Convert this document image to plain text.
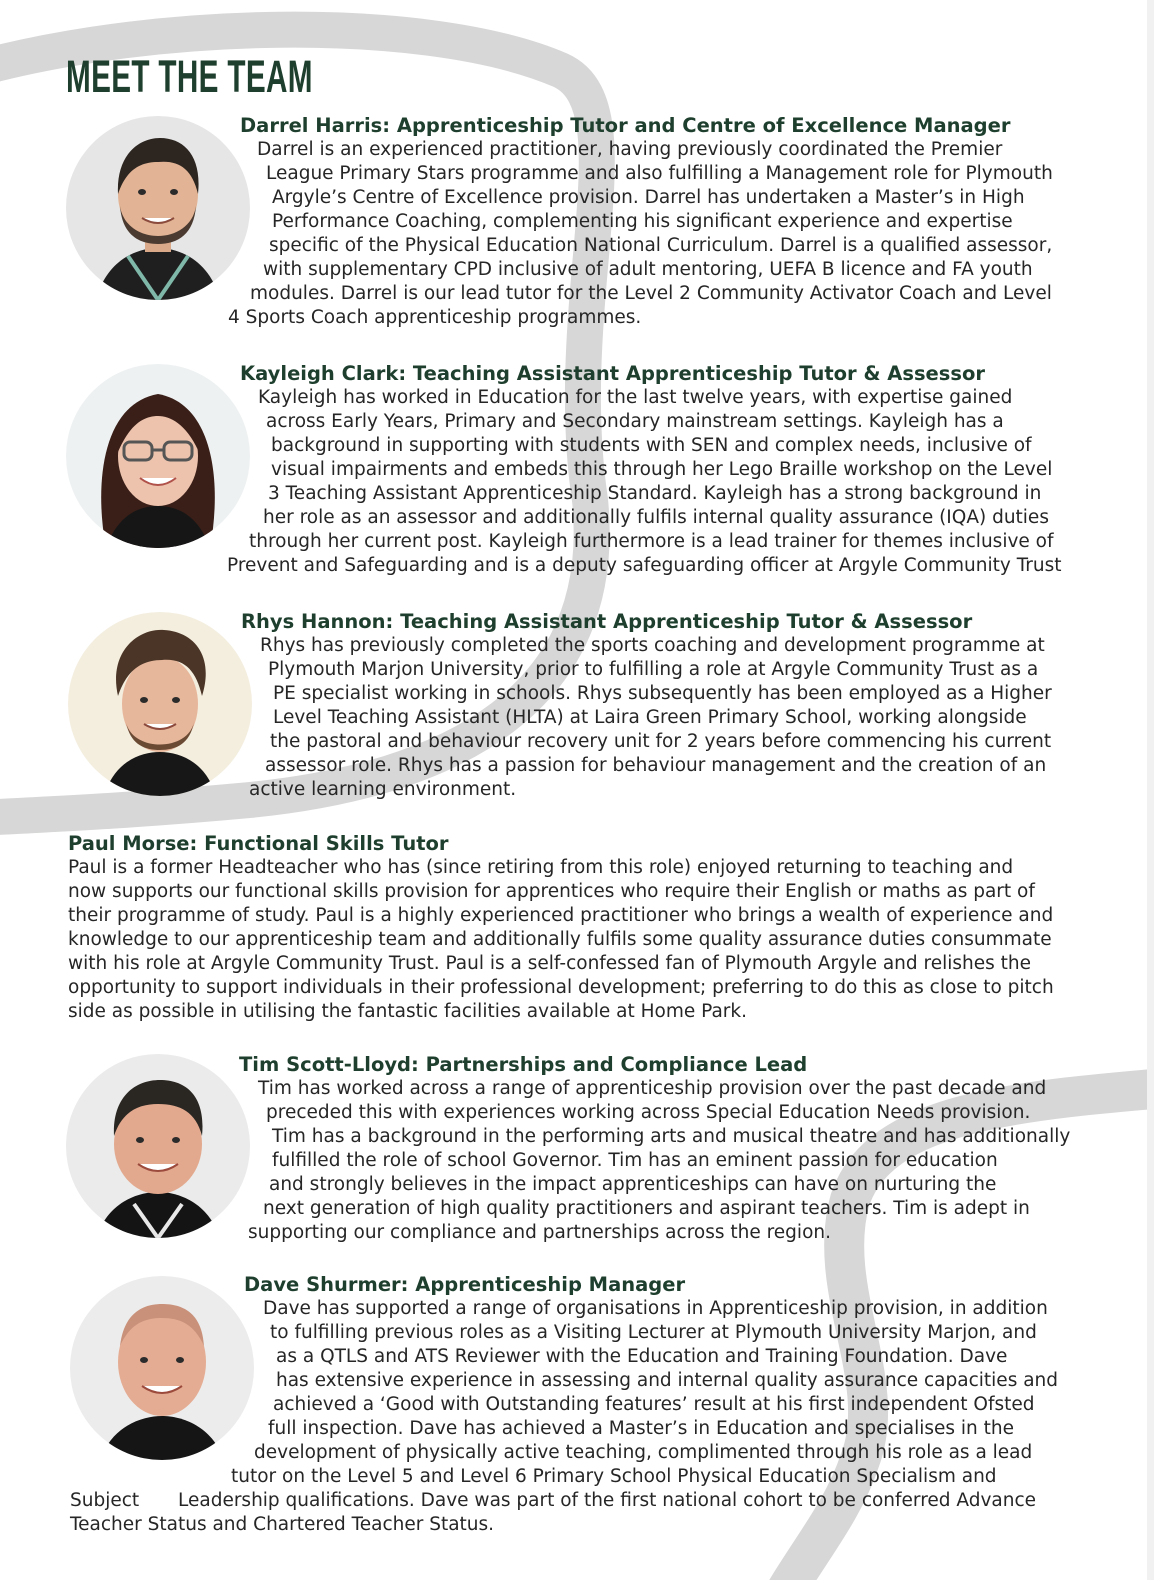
MEET THE TEAM
Darrel Harris: Apprenticeship Tutor and Centre of Excellence Manager
Darrel is an experienced practitioner, having previously coordinated the Premier
League Primary Stars programme and also fulfilling a Management role for Plymouth
Argyle’s Centre of Excellence provision. Darrel has undertaken a Master’s in High
Performance Coaching, complementing his significant experience and expertise
specific of the Physical Education National Curriculum. Darrel is a qualified assessor,
with supplementary CPD inclusive of adult mentoring, UEFA B licence and FA youth
modules. Darrel is our lead tutor for the Level 2 Community Activator Coach and Level
4 Sports Coach apprenticeship programmes.
Kayleigh Clark: Teaching Assistant Apprenticeship Tutor & Assessor
Kayleigh has worked in Education for the last twelve years, with expertise gained
across Early Years, Primary and Secondary mainstream settings. Kayleigh has a
background in supporting with students with SEN and complex needs, inclusive of
visual impairments and embeds this through her Lego Braille workshop on the Level
3 Teaching Assistant Apprenticeship Standard. Kayleigh has a strong background in
her role as an assessor and additionally fulfils internal quality assurance (IQA) duties
through her current post. Kayleigh furthermore is a lead trainer for themes inclusive of
Prevent and Safeguarding and is a deputy safeguarding officer at Argyle Community Trust
Rhys Hannon: Teaching Assistant Apprenticeship Tutor & Assessor
Rhys has previously completed the sports coaching and development programme at
Plymouth Marjon University, prior to fulfilling a role at Argyle Community Trust as a
PE specialist working in schools. Rhys subsequently has been employed as a Higher
Level Teaching Assistant (HLTA) at Laira Green Primary School, working alongside
the pastoral and behaviour recovery unit for 2 years before commencing his current
assessor role. Rhys has a passion for behaviour management and the creation of an
active learning environment.
Paul Morse: Functional Skills Tutor
Paul is a former Headteacher who has (since retiring from this role) enjoyed returning to teaching and
now supports our functional skills provision for apprentices who require their English or maths as part of
their programme of study. Paul is a highly experienced practitioner who brings a wealth of experience and
knowledge to our apprenticeship team and additionally fulfils some quality assurance duties consummate
with his role at Argyle Community Trust. Paul is a self-confessed fan of Plymouth Argyle and relishes the
opportunity to support individuals in their professional development; preferring to do this as close to pitch
side as possible in utilising the fantastic facilities available at Home Park.
Tim Scott-Lloyd: Partnerships and Compliance Lead
Tim has worked across a range of apprenticeship provision over the past decade and
preceded this with experiences working across Special Education Needs provision.
Tim has a background in the performing arts and musical theatre and has additionally
fulfilled the role of school Governor. Tim has an eminent passion for education
and strongly believes in the impact apprenticeships can have on nurturing the
next generation of high quality practitioners and aspirant teachers. Tim is adept in
supporting our compliance and partnerships across the region.
Dave Shurmer: Apprenticeship Manager
Dave has supported a range of organisations in Apprenticeship provision, in addition
to fulfilling previous roles as a Visiting Lecturer at Plymouth University Marjon, and
as a QTLS and ATS Reviewer with the Education and Training Foundation. Dave
has extensive experience in assessing and internal quality assurance capacities and
achieved a ‘Good with Outstanding features’ result at his first independent Ofsted
full inspection. Dave has achieved a Master’s in Education and specialises in the
development of physically active teaching, complimented through his role as a lead
tutor on the Level 5 and Level 6 Primary School Physical Education Specialism and
Subject Leadership qualifications. Dave was part of the first national cohort to be conferred Advance
Teacher Status and Chartered Teacher Status.
